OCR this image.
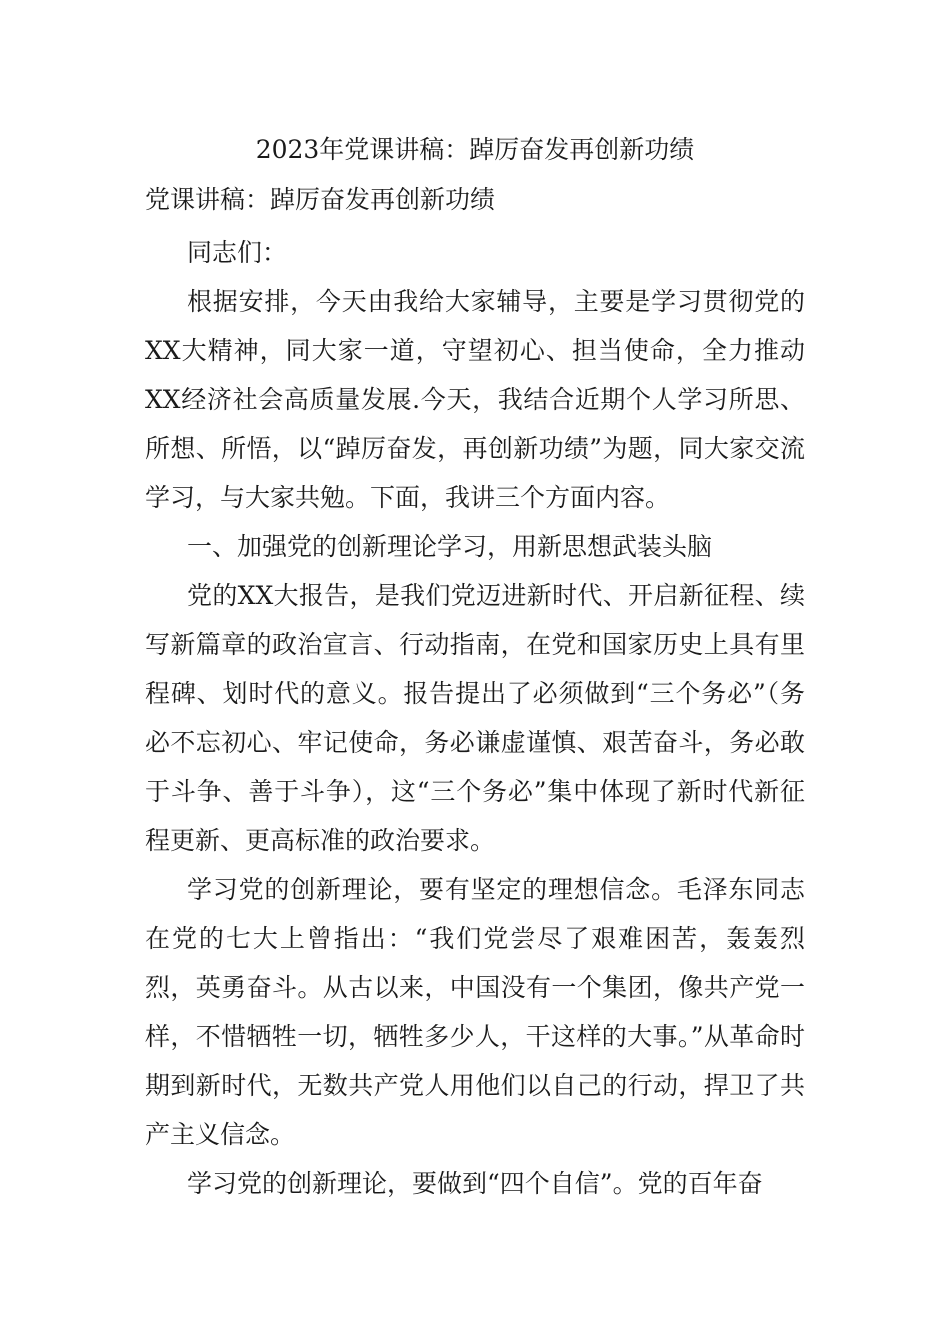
2023年党课讲稿：踔厉奋发再创新功绩
党课讲稿：踔厉奋发再创新功绩

同志们：

根据安排，今天由我给大家辅导，主要是学习贯彻党的XX大精神，同大家一道，守望初心、担当使命，全力推动XX经济社会高质量发展.今天，我结合近期个人学习所思、所想、所悟，以“踔厉奋发，再创新功绩”为题，同大家交流学习，与大家共勉。下面，我讲三个方面内容。

一、加强党的创新理论学习，用新思想武装头脑

党的XX大报告，是我们党迈进新时代、开启新征程、续写新篇章的政治宣言、行动指南，在党和国家历史上具有里程碑、划时代的意义。报告提出了必须做到“三个务必”（务必不忘初心、牢记使命，务必谦虚谨慎、艰苦奋斗，务必敢于斗争、善于斗争），这“三个务必”集中体现了新时代新征程更新、更高标准的政治要求。

学习党的创新理论，要有坚定的理想信念。毛泽东同志在党的七大上曾指出：“我们党尝尽了艰难困苦，轰轰烈烈，英勇奋斗。从古以来，中国没有一个集团，像共产党一样，不惜牺牲一切，牺牲多少人，干这样的大事。”从革命时期到新时代，无数共产党人用他们以自己的行动，捍卫了共产主义信念。

学习党的创新理论，要做到“四个自信”。党的百年奋
